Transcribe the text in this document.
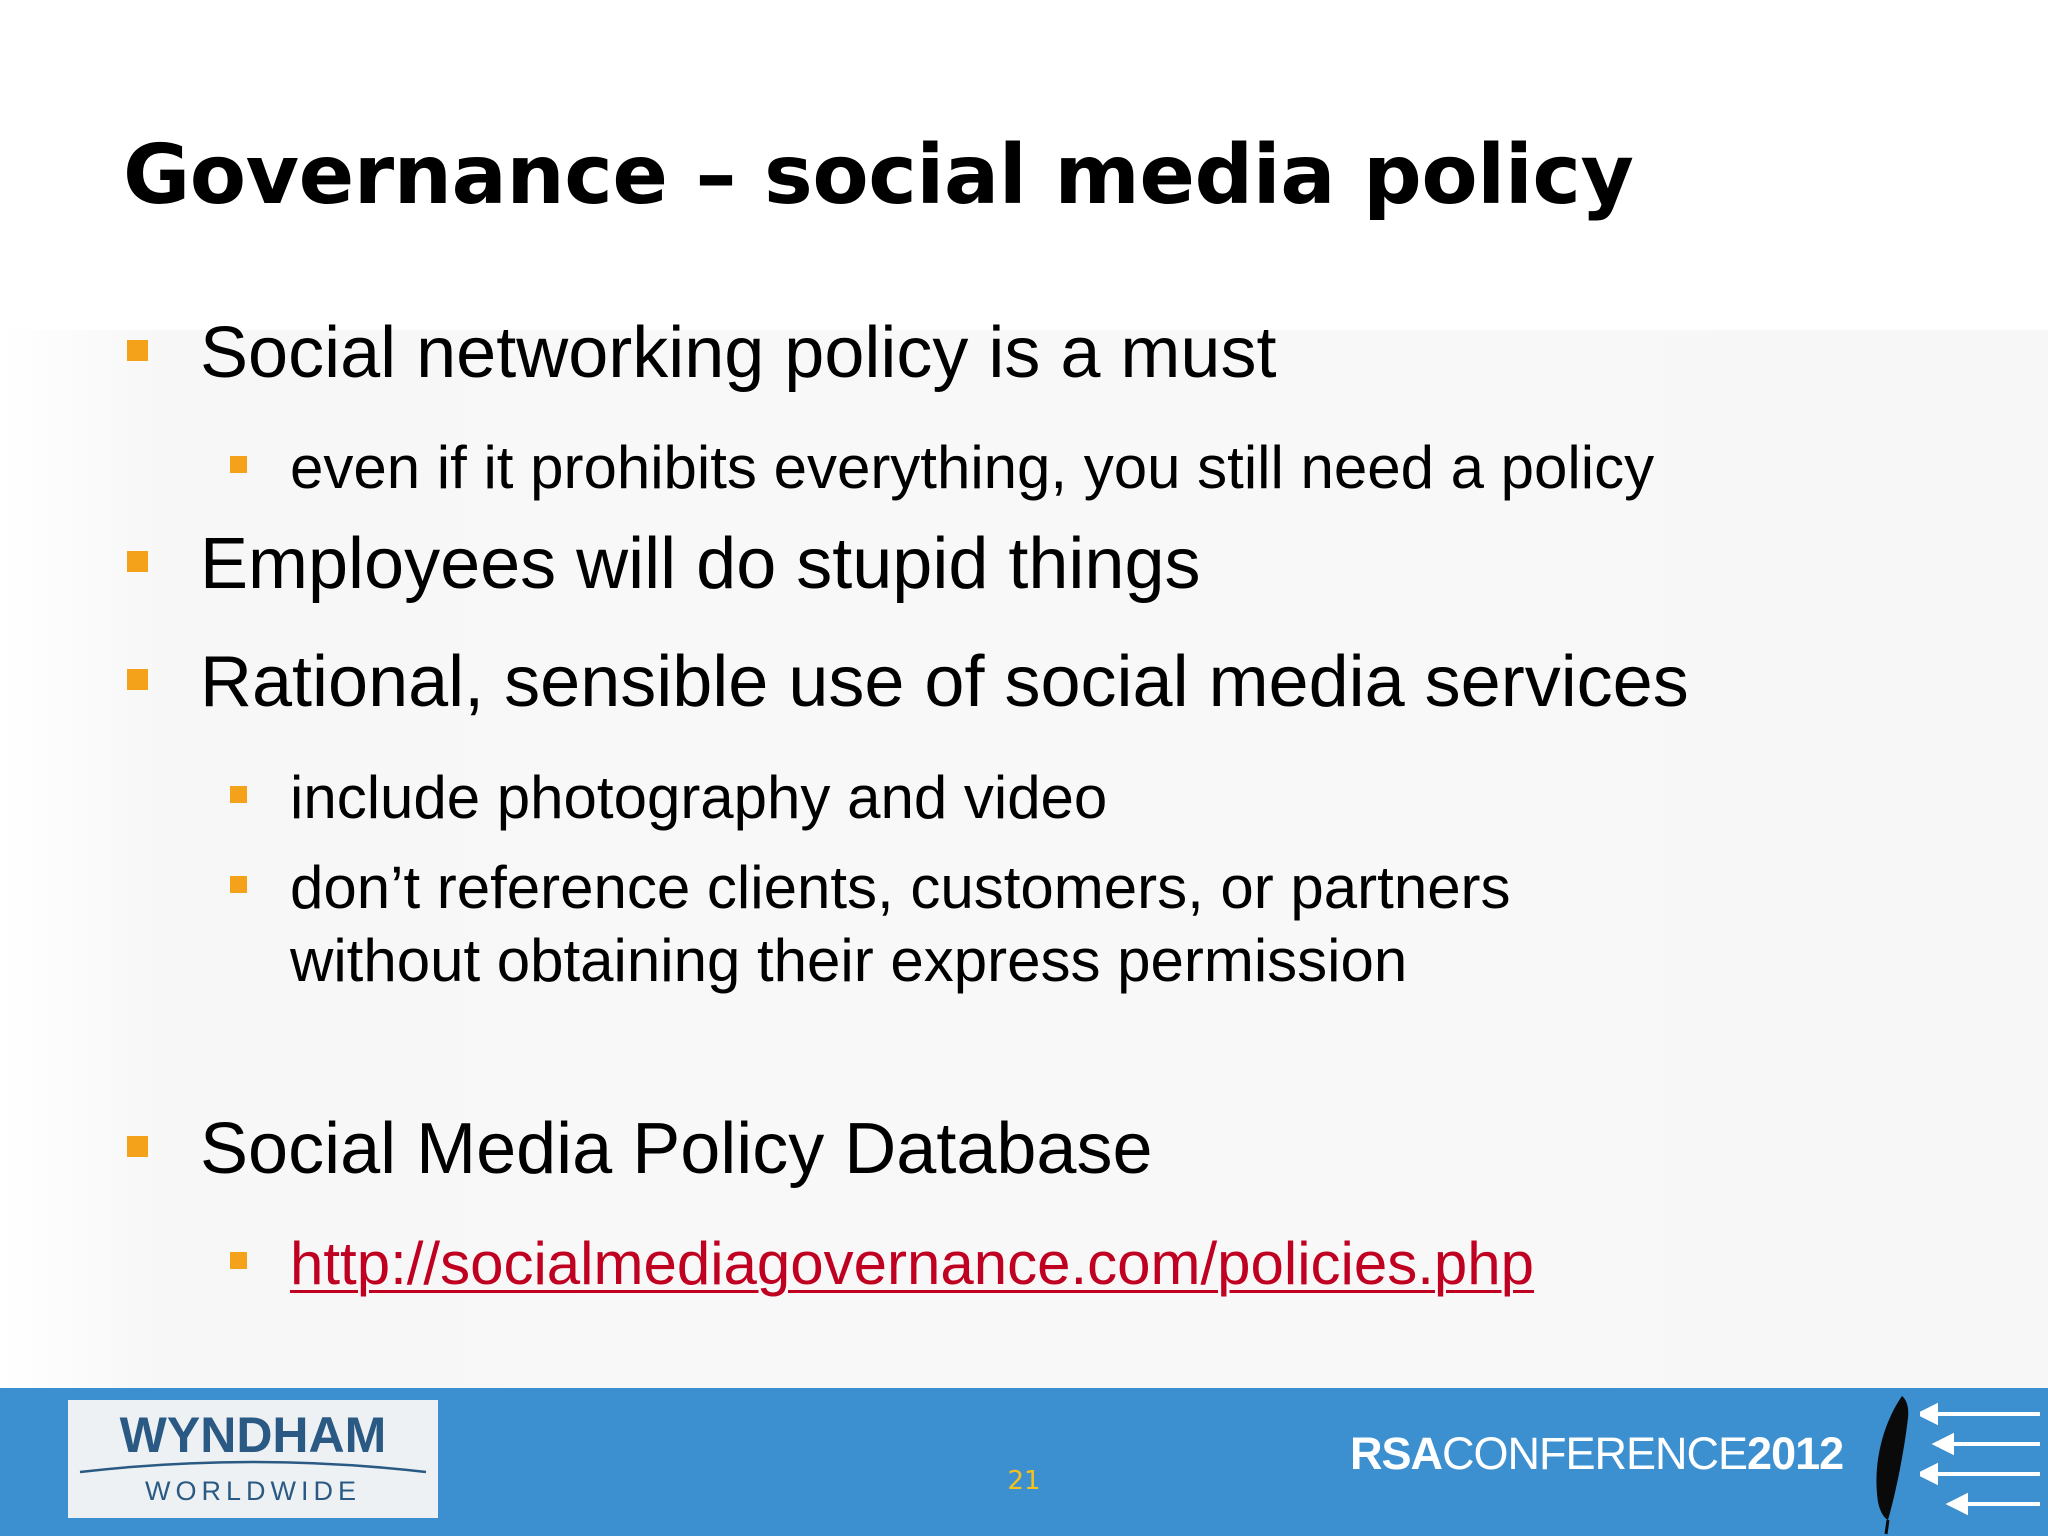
Governance – social media policy
Social networking policy is a must
even if it prohibits everything, you still need a policy
Employees will do stupid things
Rational, sensible use of social media services
include photography and video
don’t reference clients, customers, or partners
without obtaining their express permission
Social Media Policy Database
http://socialmediagovernance.com/policies.php
WYNDHAM
WORLDWIDE	21
RSACONFERENCE2012
